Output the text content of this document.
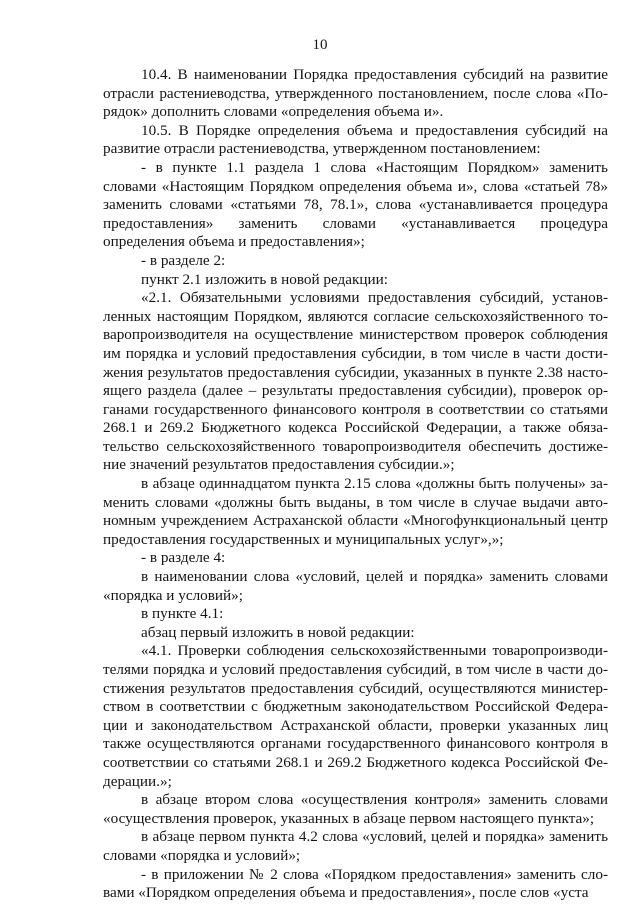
10

10.4. В наименовании Порядка предоставления субсидий на развитие отрасли растениеводства, утвержденного постановлением, после слова «Порядок» дополнить словами «определения объема и».

10.5. В Порядке определения объема и предоставления субсидий на развитие отрасли растениеводства, утвержденном постановлением:

- в пункте 1.1 раздела 1 слова «Настоящим Порядком» заменить словами «Настоящим Порядком определения объема и», слова «статьей 78» заменить словами «статьями 78, 78.1», слова «устанавливается процедура предоставления» заменить словами «устанавливается процедура определения объема и предоставления»;

- в разделе 2:

пункт 2.1 изложить в новой редакции:

«2.1. Обязательными условиями предоставления субсидий, установленных настоящим Порядком, являются согласие сельскохозяйственного товаропроизводителя на осуществление министерством проверок соблюдения им порядка и условий предоставления субсидии, в том числе в части достижения результатов предоставления субсидии, указанных в пункте 2.38 настоящего раздела (далее – результаты предоставления субсидии), проверок органами государственного финансового контроля в соответствии со статьями 268.1 и 269.2 Бюджетного кодекса Российской Федерации, а также обязательство сельскохозяйственного товаропроизводителя обеспечить достижение значений результатов предоставления субсидии.»;

в абзаце одиннадцатом пункта 2.15 слова «должны быть получены» заменить словами «должны быть выданы, в том числе в случае выдачи автономным учреждением Астраханской области «Многофункциональный центр предоставления государственных и муниципальных услуг»,»;

- в разделе 4:

в наименовании слова «условий, целей и порядка» заменить словами «порядка и условий»;

в пункте 4.1:

абзац первый изложить в новой редакции:

«4.1. Проверки соблюдения сельскохозяйственными товаропроизводителями порядка и условий предоставления субсидий, в том числе в части достижения результатов предоставления субсидий, осуществляются министерством в соответствии с бюджетным законодательством Российской Федерации и законодательством Астраханской области, проверки указанных лиц также осуществляются органами государственного финансового контроля в соответствии со статьями 268.1 и 269.2 Бюджетного кодекса Российской Федерации.»;

в абзаце втором слова «осуществления контроля» заменить словами «осуществления проверок, указанных в абзаце первом настоящего пункта»;

в абзаце первом пункта 4.2 слова «условий, целей и порядка» заменить словами «порядка и условий»;

- в приложении № 2 слова «Порядком предоставления» заменить словами «Порядком определения объема и предоставления», после слов «уста
